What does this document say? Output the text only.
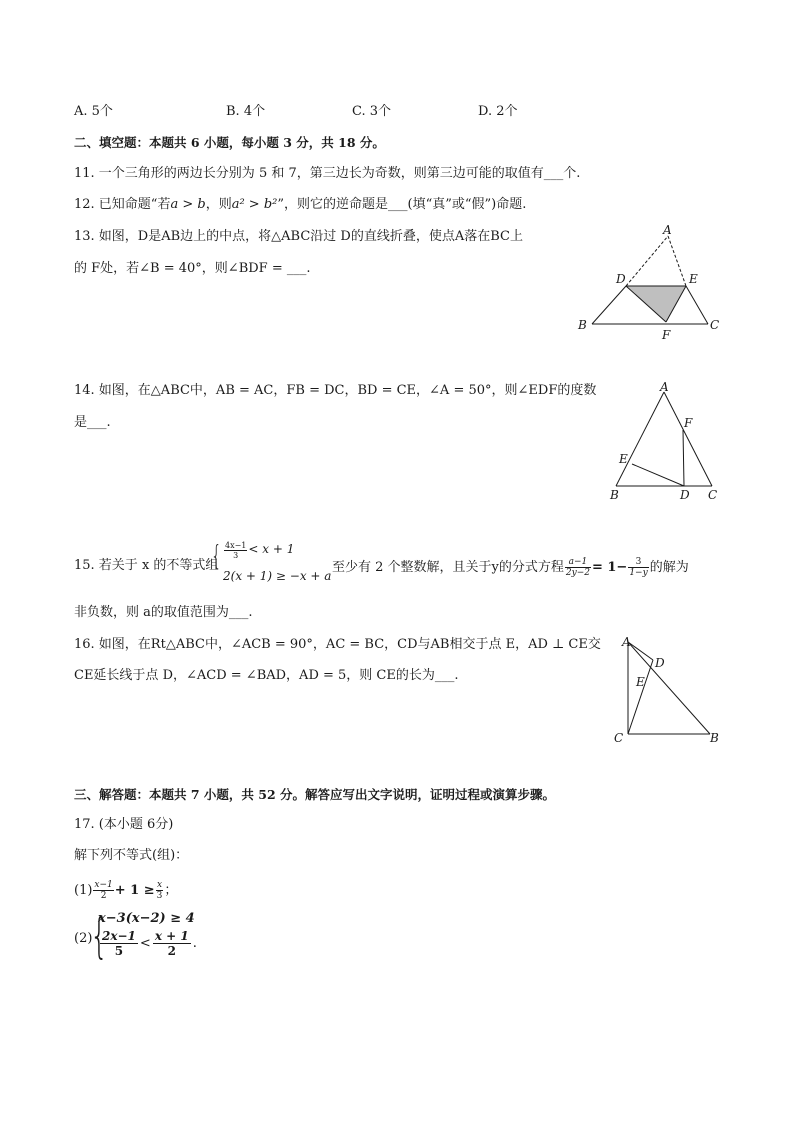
A. 5个	B. 4个	C. 3个	D. 2个
二、填空题：本题共 6 小题，每小题 3 分，共 18 分。
11. 一个三角形的两边长分别为 5 和 7，第三边长为奇数，则第三边可能的取值有___个.
12. 已知命题“若a > b，则a² > b²”，则它的逆命题是___(填“真”或“假”)命题.
13. 如图，D是AB边上的中点，将△ABC沿过 D的直线折叠，使点A落在BC上
的 F处，若∠B = 40°，则∠BDF = ___.
A
D	E
B
F
C
14. 如图，在△ABC中，AB = AC，FB = DC，BD = CE，∠A = 50°，则∠EDF的度数
是___.
A
F
E
B	D C
15. 若关于 x 的不等式组
{ $\frac{4x-1}{3} < x + 1$
2(x + 1) ≥ −x + a
至少有 2 个整数解，且关于y的分式方程 $\frac{a-1}{2y-2} = 1- \frac{3}{1-y}$ 的解为
非负数，则 a的取值范围为___.
16. 如图，在Rt△ABC中，∠ACB = 90°，AC = BC，CD与AB相交于点 E，AD ⊥ CE交
CE延长线于点 D，∠ACD = ∠BAD，AD = 5，则 CE的长为___.
A
D
E
C	B
三、解答题：本题共 7 小题，共 52 分。解答应写出文字说明，证明过程或演算步骤。
17. (本小题 6分)
解下列不等式(组)：
$(1) \frac{x-1}{2} + 1 \ge \frac{x}{3}$ ；
(2)
{
x−3(x−2) ≥ 4
$\frac{2x-1}{5} < \frac{x + 1}{2}$ .
